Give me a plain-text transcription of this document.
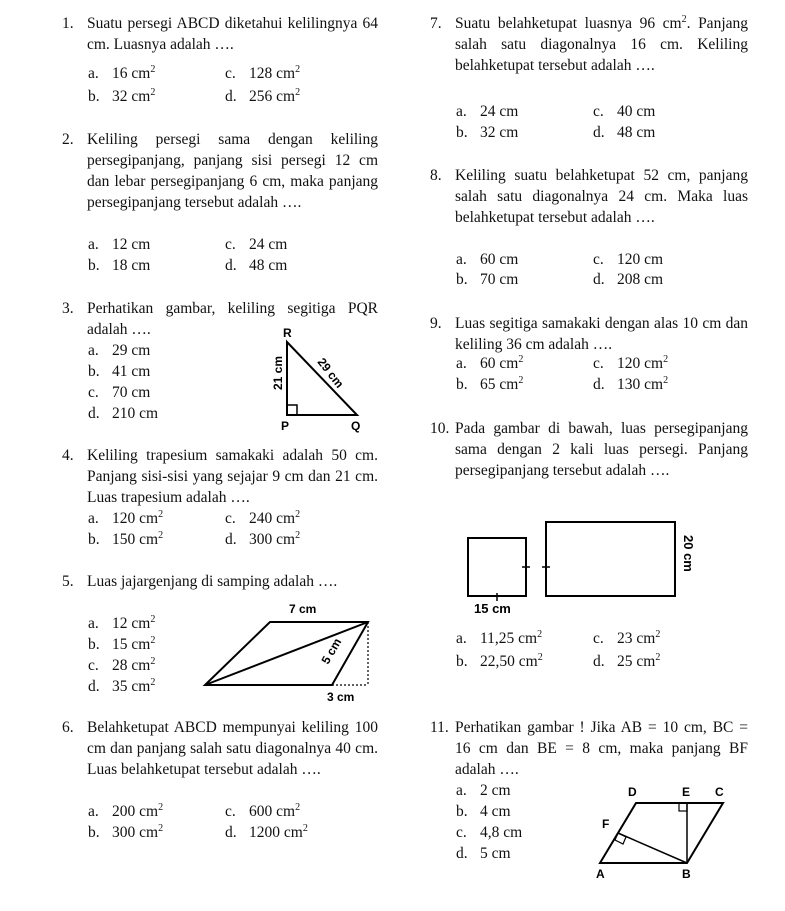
1. Suatu persegi ABCD diketahui kelilingnya 64 cm. Luasnya adalah ….
a. 16 $cm^2$
b. 32 $cm^2$
c. 128 $cm^2$
d. 256 $cm^2$
2. Keliling persegi sama dengan keliling persegipanjang, panjang sisi persegi 12 cm dan lebar persegipanjang 6 cm, maka panjang persegipanjang tersebut adalah ….
a. 12 cm
b. 18 cm
c. 24 cm
d. 48 cm
3. Perhatikan gambar, keliling segitiga PQR adalah ….
a. 29 cm
b. 41 cm
c. 70 cm
d. 210 cm
R
P	Q
21 cm 29 cm
4. Keliling trapesium samakaki adalah 50 cm. Panjang sisi-sisi yang sejajar 9 cm dan 21 cm. Luas trapesium adalah ….
a. 120 $cm^2$
b. 150 $cm^2$
c. 240 $cm^2$
d. 300 $cm^2$
5. Luas jajargenjang di samping adalah ….
a. 12 $cm^2$
b. 15 $cm^2$
c. 28 $cm^2$
d. 35 $cm^2$
7 cm
5 cm
3 cm
6. Belahketupat ABCD mempunyai keliling 100 cm dan panjang salah satu diagonalnya 40 cm. Luas belahketupat tersebut adalah ….
a. 200 $cm^2$
b. 300 $cm^2$
c. 600 $cm^2$
d. 1200 $cm^2$
7. Suatu belahketupat luasnya 96 $cm^2$. Panjang salah satu diagonalnya 16 cm. Keliling belahketupat tersebut adalah ….
a. 24 cm
b. 32 cm
c. 40 cm
d. 48 cm
8. Keliling suatu belahketupat 52 cm, panjang salah satu diagonalnya 24 cm. Maka luas belahketupat tersebut adalah ….
a. 60 cm
b. 70 cm
c. 120 cm
d. 208 cm
9. Luas segitiga samakaki dengan alas 10 cm dan keliling 36 cm adalah ….
a. 60 $cm^2$
b. 65 $cm^2$
c. 120 $cm^2$
d. 130 $cm^2$
10. Pada gambar di bawah, luas persegipanjang sama dengan 2 kali luas persegi. Panjang persegipanjang tersebut adalah ….
15 cm
20 cm
a. 11,25 $cm^2$
b. 22,50 $cm^2$
c. 23 $cm^2$
d. 25 $cm^2$
11. Perhatikan gambar ! Jika AB = 10 cm, BC = 16 cm dan BE = 8 cm, maka panjang BF adalah ….
a. 2 cm
b. 4 cm
c. 4,8 cm
d. 5 cm
D	E C
F
A	B
